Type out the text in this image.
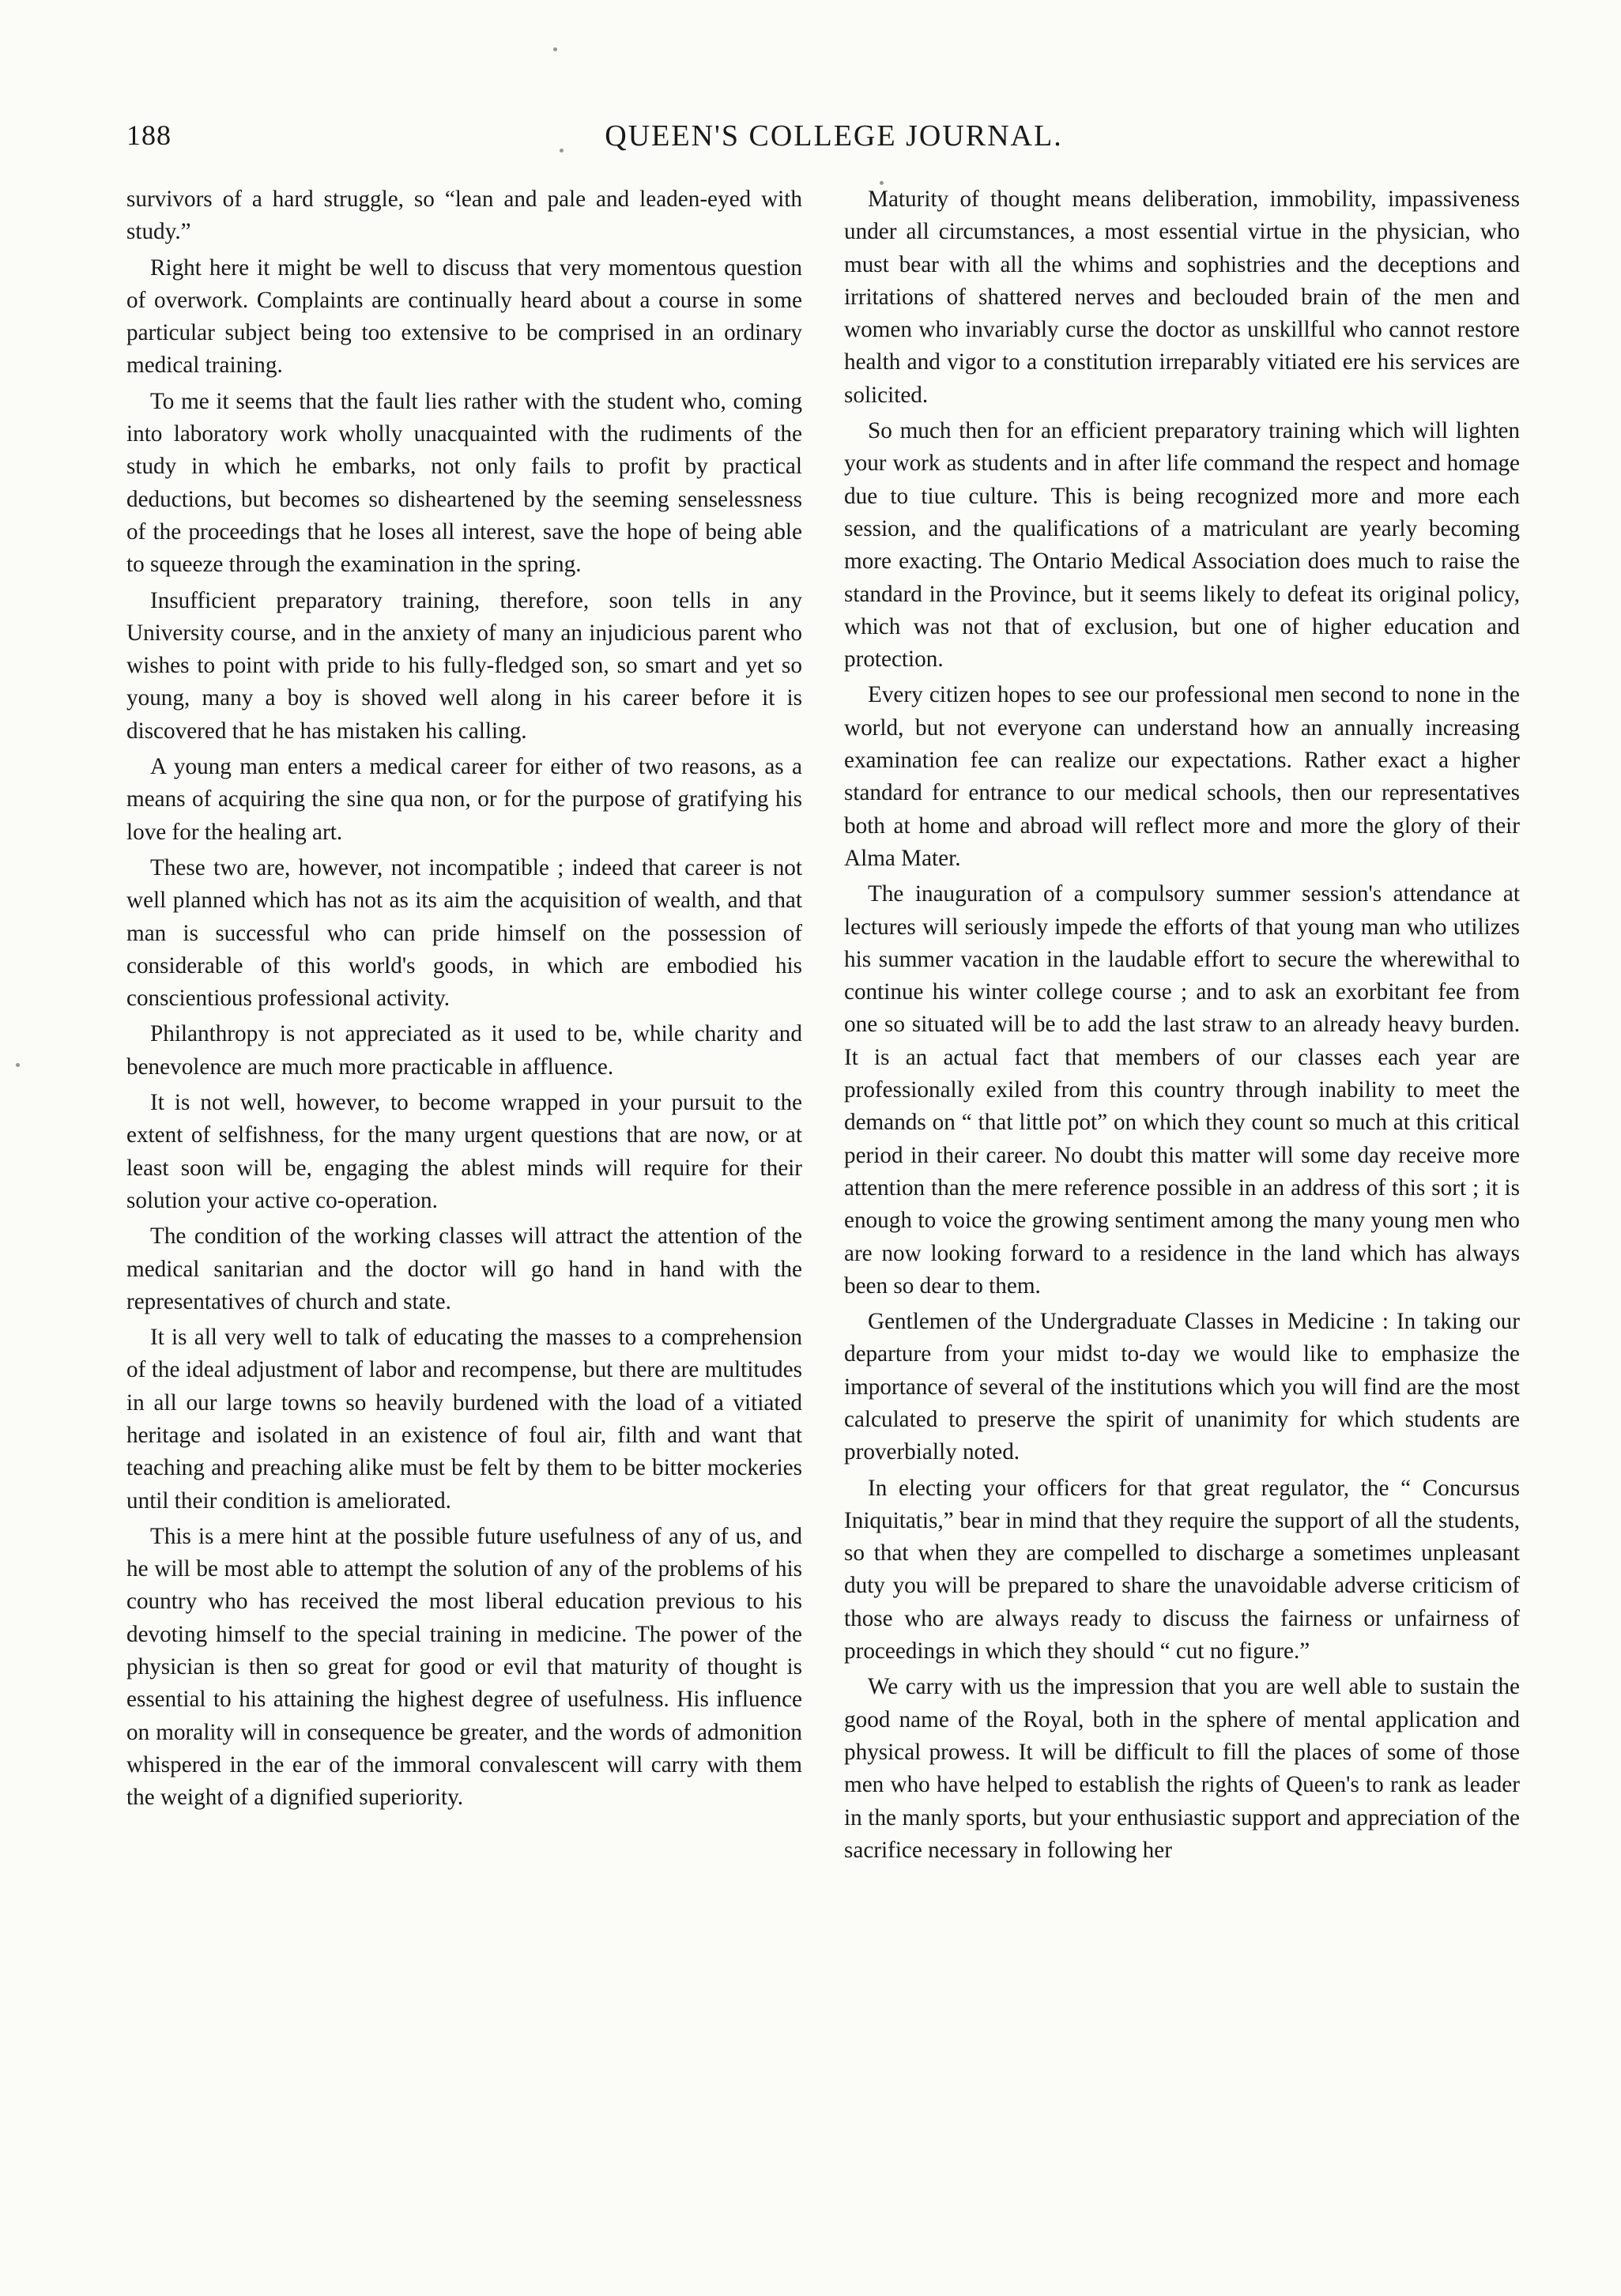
188	QUEEN'S COLLEGE JOURNAL.

survivors of a hard struggle, so “lean and pale and leaden-eyed with study.”

Right here it might be well to discuss that very momentous question of overwork. Complaints are continually heard about a course in some particular subject being too extensive to be comprised in an ordinary medical training.

To me it seems that the fault lies rather with the student who, coming into laboratory work wholly unacquainted with the rudiments of the study in which he embarks, not only fails to profit by practical deductions, but becomes so disheartened by the seeming senselessness of the proceedings that he loses all interest, save the hope of being able to squeeze through the examination in the spring.

Insufficient preparatory training, therefore, soon tells in any University course, and in the anxiety of many an injudicious parent who wishes to point with pride to his fully-fledged son, so smart and yet so young, many a boy is shoved well along in his career before it is discovered that he has mistaken his calling.

A young man enters a medical career for either of two reasons, as a means of acquiring the sine qua non, or for the purpose of gratifying his love for the healing art.

These two are, however, not incompatible ; indeed that career is not well planned which has not as its aim the acquisition of wealth, and that man is successful who can pride himself on the possession of considerable of this world's goods, in which are embodied his conscientious professional activity.

Philanthropy is not appreciated as it used to be, while charity and benevolence are much more practicable in affluence.

It is not well, however, to become wrapped in your pursuit to the extent of selfishness, for the many urgent questions that are now, or at least soon will be, engaging the ablest minds will require for their solution your active co-operation.

The condition of the working classes will attract the attention of the medical sanitarian and the doctor will go hand in hand with the representatives of church and state.

It is all very well to talk of educating the masses to a comprehension of the ideal adjustment of labor and recompense, but there are multitudes in all our large towns so heavily burdened with the load of a vitiated heritage and isolated in an existence of foul air, filth and want that teaching and preaching alike must be felt by them to be bitter mockeries until their condition is ameliorated.

This is a mere hint at the possible future usefulness of any of us, and he will be most able to attempt the solution of any of the problems of his country who has received the most liberal education previous to his devoting himself to the special training in medicine. The power of the physician is then so great for good or evil that maturity of thought is essential to his attaining the highest degree of usefulness. His influence on morality will in consequence be greater, and the words of admonition whispered in the ear of the immoral convalescent will carry with them the weight of a dignified superiority.

Maturity of thought means deliberation, immobility, impassiveness under all circumstances, a most essential virtue in the physician, who must bear with all the whims and sophistries and the deceptions and irritations of shattered nerves and beclouded brain of the men and women who invariably curse the doctor as unskillful who cannot restore health and vigor to a constitution irreparably vitiated ere his services are solicited.

So much then for an efficient preparatory training which will lighten your work as students and in after life command the respect and homage due to tiue culture. This is being recognized more and more each session, and the qualifications of a matriculant are yearly becoming more exacting. The Ontario Medical Association does much to raise the standard in the Province, but it seems likely to defeat its original policy, which was not that of exclusion, but one of higher education and protection.

Every citizen hopes to see our professional men second to none in the world, but not everyone can understand how an annually increasing examination fee can realize our expectations. Rather exact a higher standard for entrance to our medical schools, then our representatives both at home and abroad will reflect more and more the glory of their Alma Mater.

The inauguration of a compulsory summer session's attendance at lectures will seriously impede the efforts of that young man who utilizes his summer vacation in the laudable effort to secure the wherewithal to continue his winter college course ; and to ask an exorbitant fee from one so situated will be to add the last straw to an already heavy burden. It is an actual fact that members of our classes each year are professionally exiled from this country through inability to meet the demands on “ that little pot” on which they count so much at this critical period in their career. No doubt this matter will some day receive more attention than the mere reference possible in an address of this sort ; it is enough to voice the growing sentiment among the many young men who are now looking forward to a residence in the land which has always been so dear to them.

Gentlemen of the Undergraduate Classes in Medicine : In taking our departure from your midst to-day we would like to emphasize the importance of several of the institutions which you will find are the most calculated to preserve the spirit of unanimity for which students are proverbially noted.

In electing your officers for that great regulator, the “ Concursus Iniquitatis,” bear in mind that they require the support of all the students, so that when they are compelled to discharge a sometimes unpleasant duty you will be prepared to share the unavoidable adverse criticism of those who are always ready to discuss the fairness or unfairness of proceedings in which they should “ cut no figure.”

We carry with us the impression that you are well able to sustain the good name of the Royal, both in the sphere of mental application and physical prowess. It will be difficult to fill the places of some of those men who have helped to establish the rights of Queen's to rank as leader in the manly sports, but your enthusiastic support and appreciation of the sacrifice necessary in following her
